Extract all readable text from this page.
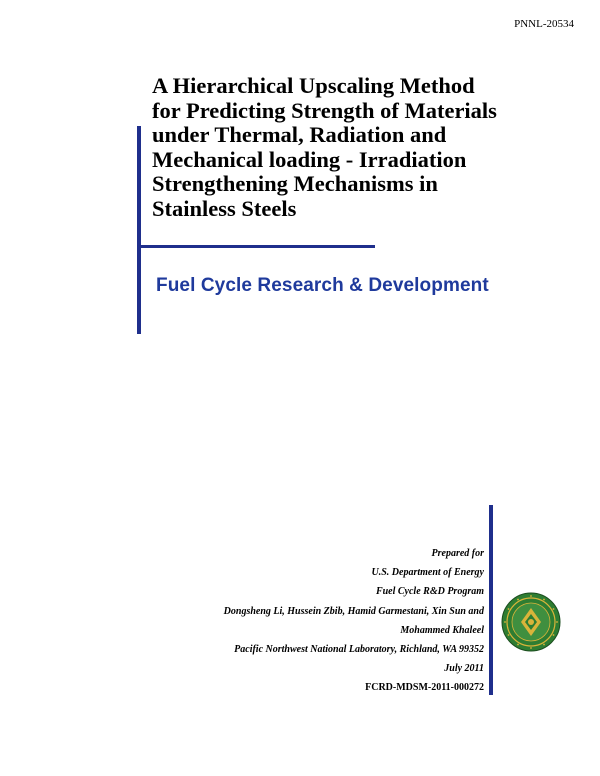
PNNL-20534
A Hierarchical Upscaling Method
for Predicting Strength of Materials
under Thermal, Radiation and
Mechanical loading - Irradiation
Strengthening Mechanisms in
Stainless Steels
Fuel Cycle Research & Development
Prepared for
U.S. Department of Energy
Fuel Cycle R&D Program
Dongsheng Li, Hussein Zbib, Hamid Garmestani, Xin Sun and
Mohammed Khaleel
Pacific Northwest National Laboratory, Richland, WA 99352
July 2011
FCRD-MDSM-2011-000272
